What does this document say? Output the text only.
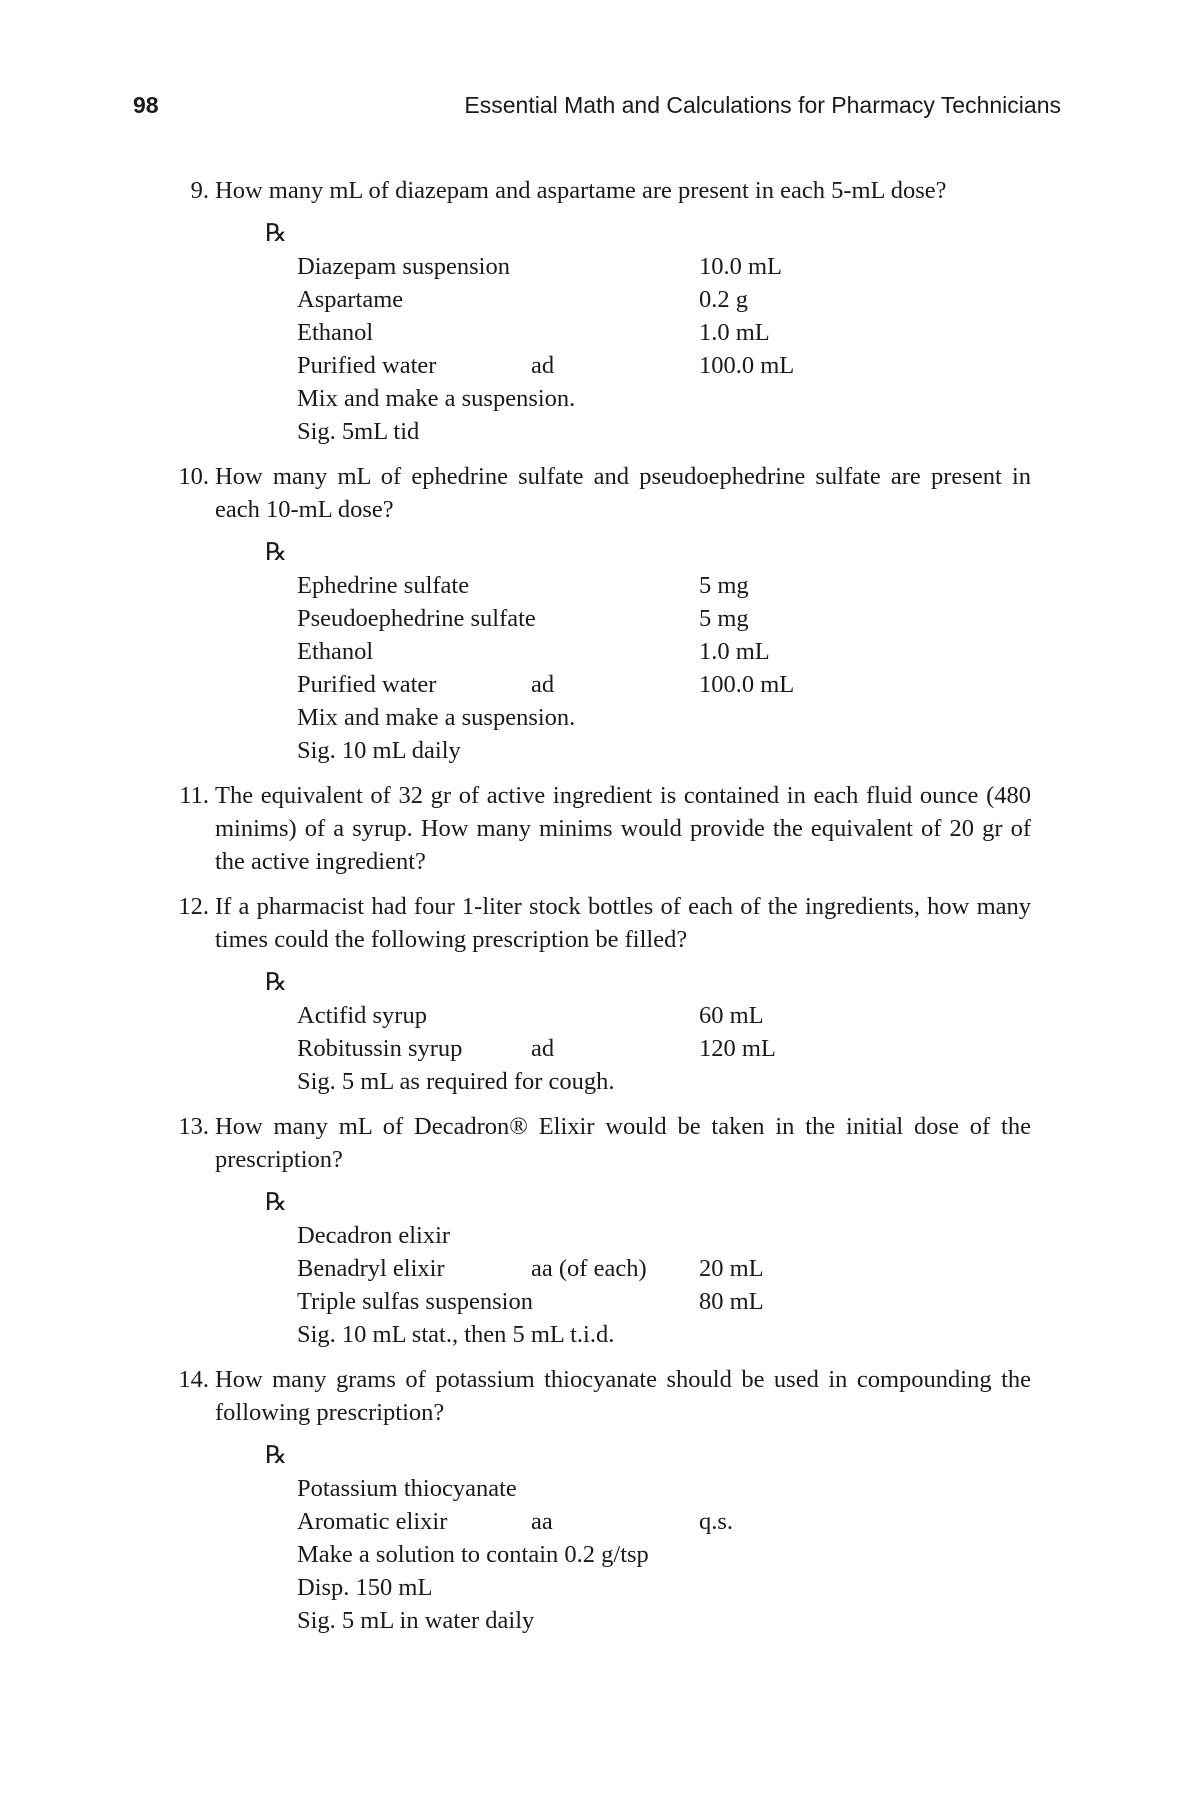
98	Essential Math and Calculations for Pharmacy Technicians
9. How many mL of diazepam and aspartame are present in each 5-mL dose?
℞
Diazepam suspension	10.0 mL
Aspartame	0.2 g
Ethanol	1.0 mL
Purified water	ad	100.0 mL
Mix and make a suspension.
Sig. 5mL tid
10. How many mL of ephedrine sulfate and pseudoephedrine sulfate are present in each 10-mL dose?
℞
Ephedrine sulfate	5 mg
Pseudoephedrine sulfate	5 mg
Ethanol	1.0 mL
Purified water	ad	100.0 mL
Mix and make a suspension.
Sig. 10 mL daily
11. The equivalent of 32 gr of active ingredient is contained in each fluid ounce (480 minims) of a syrup. How many minims would provide the equivalent of 20 gr of the active ingredient?
12. If a pharmacist had four 1-liter stock bottles of each of the ingredients, how many times could the following prescription be filled?
℞
Actifid syrup	60 mL
Robitussin syrup	ad	120 mL
Sig. 5 mL as required for cough.
13. How many mL of Decadron® Elixir would be taken in the initial dose of the prescription?
℞
Decadron elixir
Benadryl elixir	aa (of each) 20 mL
Triple sulfas suspension	80 mL
Sig. 10 mL stat., then 5 mL t.i.d.
14. How many grams of potassium thiocyanate should be used in compounding the following prescription?
℞
Potassium thiocyanate
Aromatic elixir	aa	q.s.
Make a solution to contain 0.2 g/tsp
Disp. 150 mL
Sig. 5 mL in water daily
